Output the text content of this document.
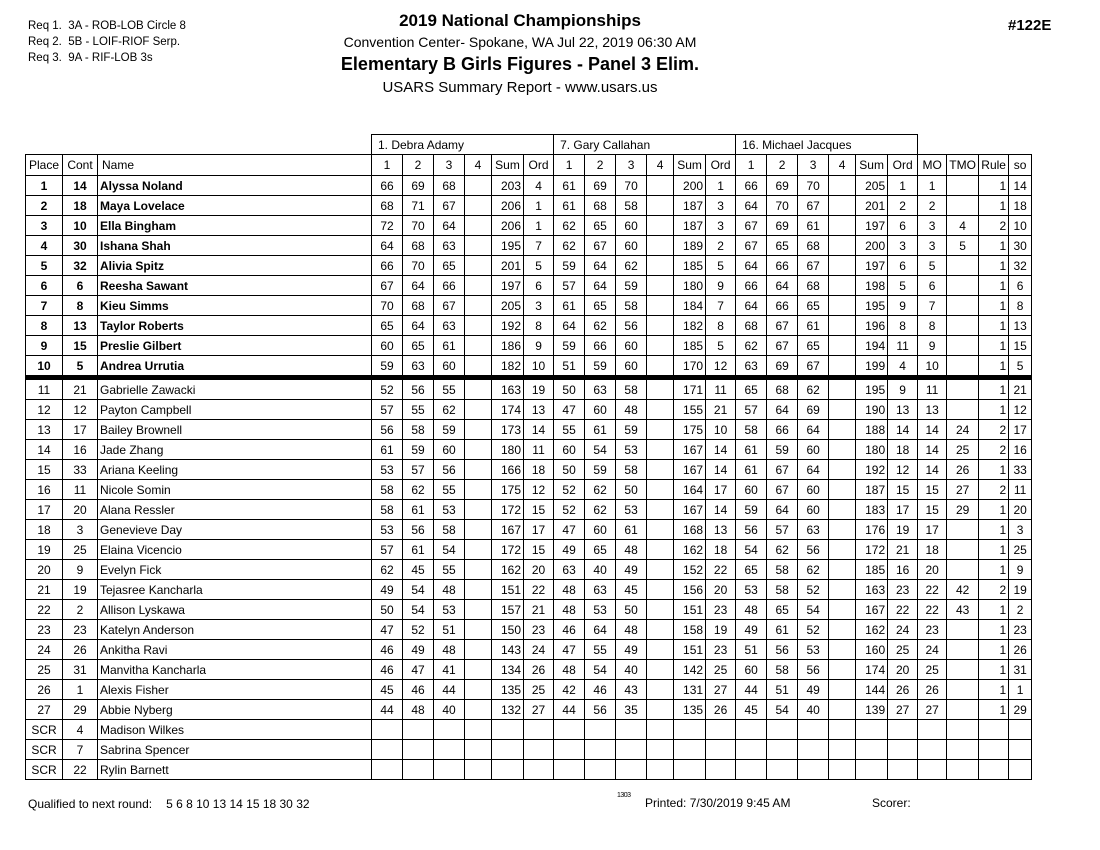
Req 1.  3A - ROB-LOB Circle 8
Req 2.  5B - LOIF-RIOF Serp.
Req 3.  9A - RIF-LOB 3s
2019 National Championships
Convention Center- Spokane, WA Jul 22, 2019 06:30 AM
Elementary B Girls Figures - Panel 3 Elim.
USARS Summary Report - www.usars.us
#122E
			1. Debra Adamy						7. Gary Callahan						16. Michael Jacques									
Place	Cont	Name	1	2	3	4	Sum	Ord	1	2	3	4	Sum	Ord	1	2	3	4	Sum	Ord	MO	TMO	Rule	so
1	14	Alyssa Noland	66	69	68		203	4	61	69	70		200	1	66	69	70		205	1	1		1	14
2	18	Maya Lovelace	68	71	67		206	1	61	68	58		187	3	64	70	67		201	2	2		1	18
3	10	Ella Bingham	72	70	64		206	1	62	65	60		187	3	67	69	61		197	6	3	4	2	10
4	30	Ishana Shah	64	68	63		195	7	62	67	60		189	2	67	65	68		200	3	3	5	1	30
5	32	Alivia Spitz	66	70	65		201	5	59	64	62		185	5	64	66	67		197	6	5		1	32
6	6	Reesha Sawant	67	64	66		197	6	57	64	59		180	9	66	64	68		198	5	6		1	6
7	8	Kieu Simms	70	68	67		205	3	61	65	58		184	7	64	66	65		195	9	7		1	8
8	13	Taylor Roberts	65	64	63		192	8	64	62	56		182	8	68	67	61		196	8	8		1	13
9	15	Preslie Gilbert	60	65	61		186	9	59	66	60		185	5	62	67	65		194	11	9		1	15
10	5	Andrea Urrutia	59	63	60		182	10	51	59	60		170	12	63	69	67		199	4	10		1	5
11	21	Gabrielle Zawacki	52	56	55		163	19	50	63	58		171	11	65	68	62		195	9	11		1	21
12	12	Payton Campbell	57	55	62		174	13	47	60	48		155	21	57	64	69		190	13	13		1	12
13	17	Bailey Brownell	56	58	59		173	14	55	61	59		175	10	58	66	64		188	14	14	24	2	17
14	16	Jade Zhang	61	59	60		180	11	60	54	53		167	14	61	59	60		180	18	14	25	2	16
15	33	Ariana Keeling	53	57	56		166	18	50	59	58		167	14	61	67	64		192	12	14	26	1	33
16	11	Nicole Somin	58	62	55		175	12	52	62	50		164	17	60	67	60		187	15	15	27	2	11
17	20	Alana Ressler	58	61	53		172	15	52	62	53		167	14	59	64	60		183	17	15	29	1	20
18	3	Genevieve Day	53	56	58		167	17	47	60	61		168	13	56	57	63		176	19	17		1	3
19	25	Elaina Vicencio	57	61	54		172	15	49	65	48		162	18	54	62	56		172	21	18		1	25
20	9	Evelyn Fick	62	45	55		162	20	63	40	49		152	22	65	58	62		185	16	20		1	9
21	19	Tejasree Kancharla	49	54	48		151	22	48	63	45		156	20	53	58	52		163	23	22	42	2	19
22	2	Allison Lyskawa	50	54	53		157	21	48	53	50		151	23	48	65	54		167	22	22	43	1	2
23	23	Katelyn Anderson	47	52	51		150	23	46	64	48		158	19	49	61	52		162	24	23		1	23
24	26	Ankitha Ravi	46	49	48		143	24	47	55	49		151	23	51	56	53		160	25	24		1	26
25	31	Manvitha Kancharla	46	47	41		134	26	48	54	40		142	25	60	58	56		174	20	25		1	31
26	1	Alexis Fisher	45	46	44		135	25	42	46	43		131	27	44	51	49		144	26	26		1	1
27	29	Abbie Nyberg	44	48	40		132	27	44	56	35		135	26	45	54	40		139	27	27		1	29
SCR	4	Madison Wilkes																						
SCR	7	Sabrina Spencer																						
SCR	22	Rylin Barnett																						
Qualified to next round: 5 6 8 10 13 14 15 18 30 32
1303
Printed: 7/30/2019 9:45 AM	Scorer:
